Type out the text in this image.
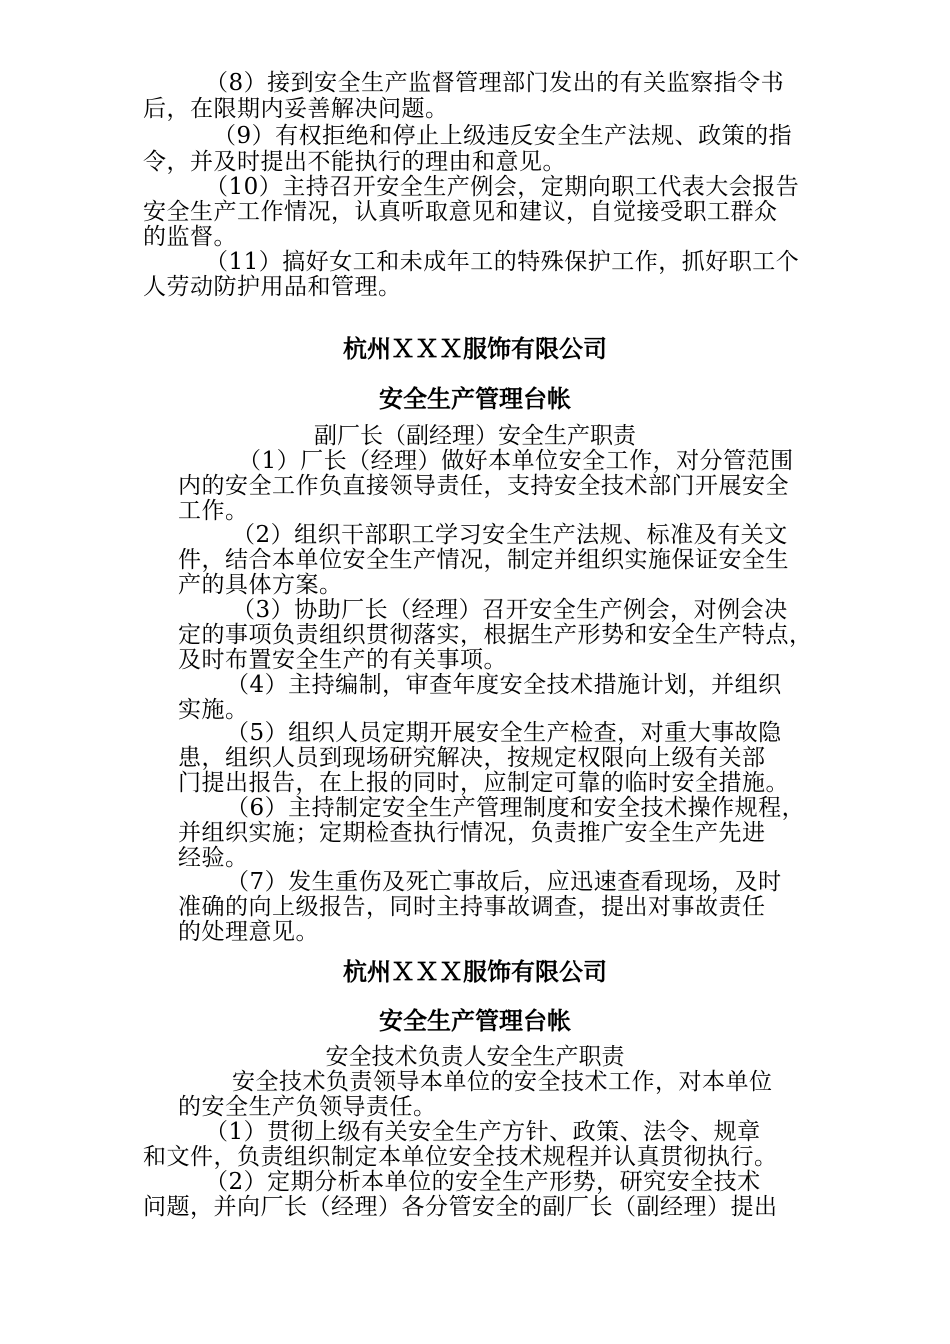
（8）接到安全生产监督管理部门发出的有关监察指令书
后，在限期内妥善解决问题。
（9）有权拒绝和停止上级违反安全生产法规、政策的指
令，并及时提出不能执行的理由和意见。
（10）主持召开安全生产例会，定期向职工代表大会报告
安全生产工作情况，认真听取意见和建议，自觉接受职工群众
的监督。
（11）搞好女工和未成年工的特殊保护工作，抓好职工个
人劳动防护用品和管理。
杭州ＸＸＸ服饰有限公司
安全生产管理台帐
副厂长（副经理）安全生产职责
（1）厂长（经理）做好本单位安全工作，对分管范围
内的安全工作负直接领导责任，支持安全技术部门开展安全
工作。
（2）组织干部职工学习安全生产法规、标准及有关文
件，结合本单位安全生产情况，制定并组织实施保证安全生
产的具体方案。
（3）协助厂长（经理）召开安全生产例会，对例会决
定的事项负责组织贯彻落实，根据生产形势和安全生产特点，
及时布置安全生产的有关事项。
（4）主持编制，审查年度安全技术措施计划，并组织
实施。
（5）组织人员定期开展安全生产检查，对重大事故隐
患，组织人员到现场研究解决，按规定权限向上级有关部
门提出报告，在上报的同时，应制定可靠的临时安全措施。
（6）主持制定安全生产管理制度和安全技术操作规程，
并组织实施；定期检查执行情况，负责推广安全生产先进
经验。
（7）发生重伤及死亡事故后，应迅速查看现场，及时
准确的向上级报告，同时主持事故调查，提出对事故责任
的处理意见。
杭州ＸＸＸ服饰有限公司
安全生产管理台帐
安全技术负责人安全生产职责
安全技术负责领导本单位的安全技术工作，对本单位
的安全生产负领导责任。
（1）贯彻上级有关安全生产方针、政策、法令、规章
和文件，负责组织制定本单位安全技术规程并认真贯彻执行。
（2）定期分析本单位的安全生产形势，研究安全技术
问题，并向厂长（经理）各分管安全的副厂长（副经理）提出
